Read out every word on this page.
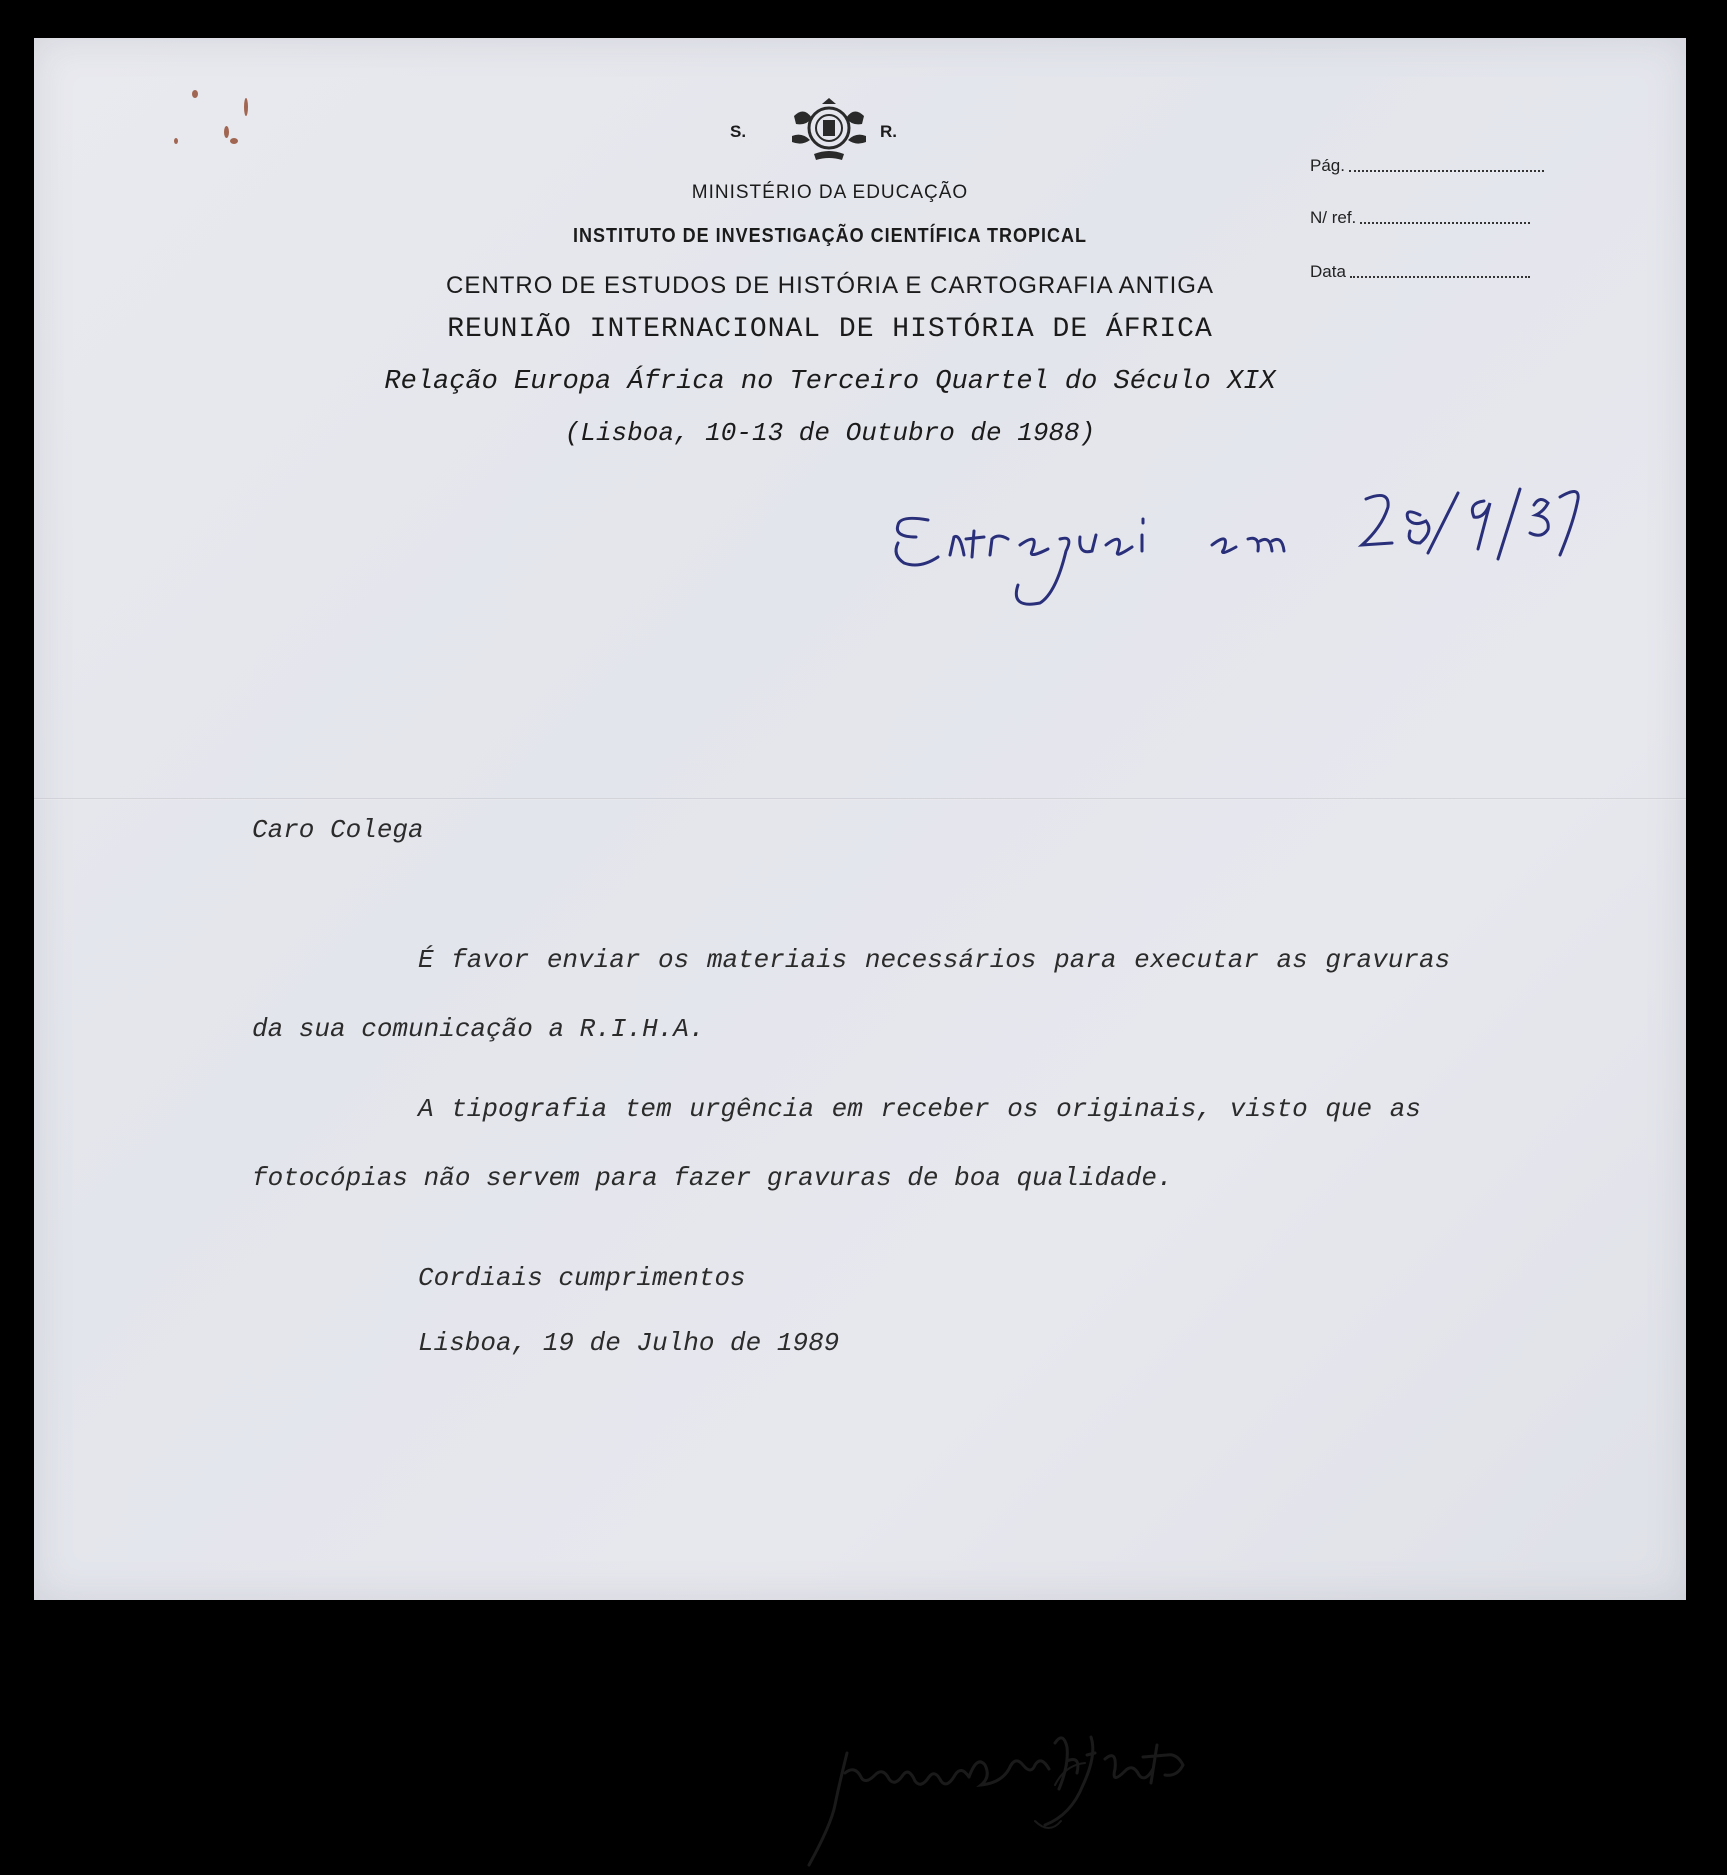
S.	R.
MINISTÉRIO DA EDUCAÇÃO
INSTITUTO DE INVESTIGAÇÃO CIENTÍFICA TROPICAL
CENTRO DE ESTUDOS DE HISTÓRIA E CARTOGRAFIA ANTIGA
Pág.
N/ ref.
Data
REUNIÃO INTERNACIONAL DE HISTÓRIA DE ÁFRICA
Relação Europa África no Terceiro Quartel do Século XIX
(Lisboa, 10-13 de Outubro de 1988)
Caro Colega
É favor enviar os materiais necessários para executar as gravuras
da sua comunicação a R.I.H.A.
A tipografia tem urgência em receber os originais, visto que as
fotocópias não servem para fazer gravuras de boa qualidade.
Cordiais cumprimentos
Lisboa, 19 de Julho de 1989
